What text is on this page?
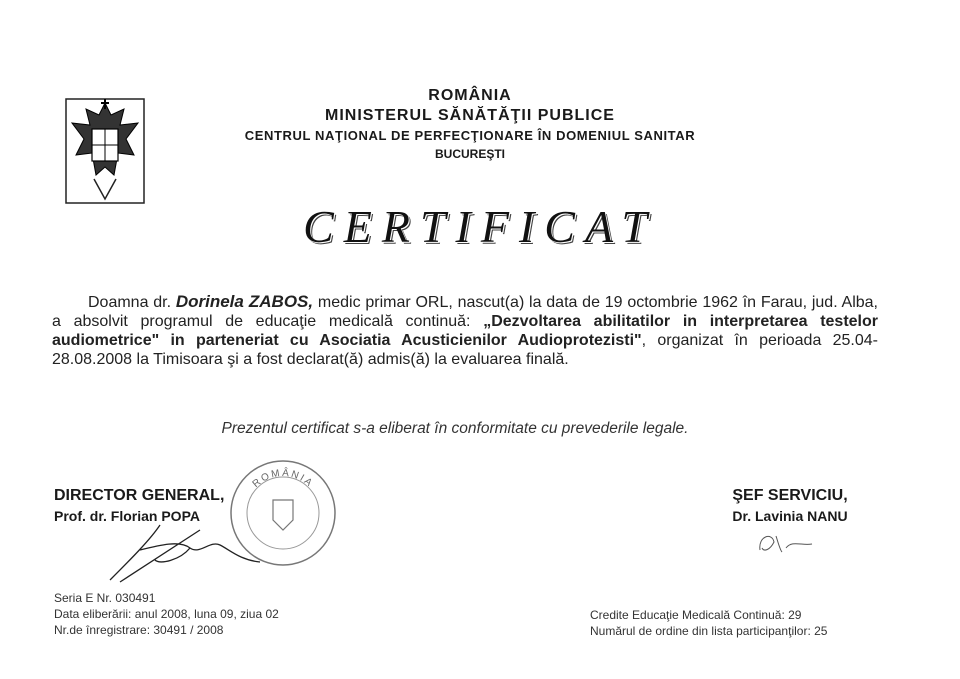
ROMÂNIA
MINISTERUL SĂNĂTĂŢII PUBLICE
CENTRUL NAŢIONAL DE PERFECŢIONARE ÎN DOMENIUL SANITAR
BUCUREŞTI
CERTIFICAT
Doamna dr. Dorinela ZABOS, medic primar ORL, nascut(a) la data de 19 octombrie 1962 în Farau, jud. Alba, a absolvit programul de educaţie medicală continuă: „Dezvoltarea abilitatilor in interpretarea testelor audiometrice" in parteneriat cu Asociatia Acusticienilor Audioprotezisti", organizat în perioada 25.04-28.08.2008 la Timisoara şi a fost declarat(ă) admis(ă) la evaluarea finală.
Prezentul certificat s-a eliberat în conformitate cu prevederile legale.
DIRECTOR GENERAL,
Prof. dr. Florian POPA
ROMÂNIA
ŞEF SERVICIU,
Dr. Lavinia NANU
Seria E Nr. 030491
Data eliberării: anul 2008, luna 09, ziua 02
Nr.de înregistrare: 30491 / 2008
Credite Educaţie Medicală Continuă: 29
Numărul de ordine din lista participanţilor: 25
